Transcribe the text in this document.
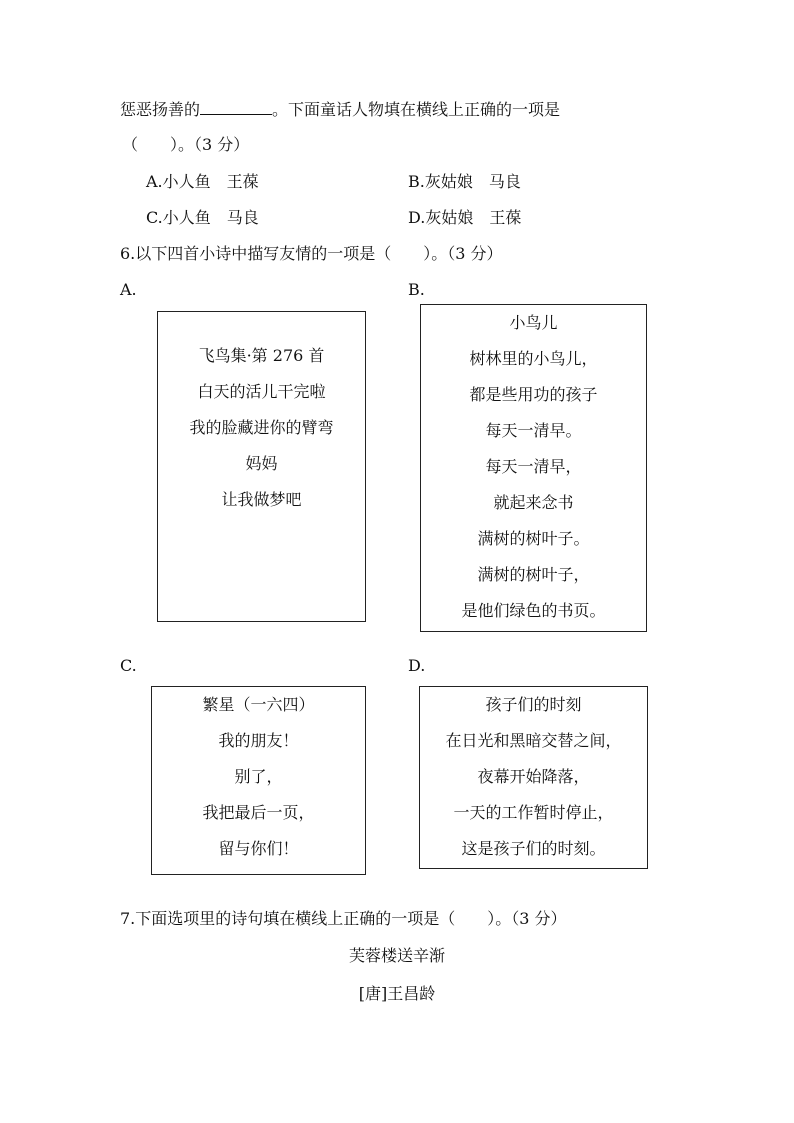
惩恶扬善的	。下面童话人物填在横线上正确的一项是
（　　）。（3 分）
A.小人鱼　王葆	B.灰姑娘　马良
C.小人鱼　马良	D.灰姑娘　王葆
6.以下四首小诗中描写友情的一项是（　　）。（3 分）
A.	B.
飞鸟集·第 276 首
白天的活儿干完啦
我的脸藏进你的臂弯
妈妈
让我做梦吧
小鸟儿
树林里的小鸟儿，
都是些用功的孩子
每天一清早。
每天一清早，
就起来念书
满树的树叶子。
满树的树叶子，
是他们绿色的书页。
C.	D.
繁星（一六四）
我的朋友！
别了，
我把最后一页，
留与你们！
孩子们的时刻
在日光和黑暗交替之间，
夜幕开始降落，
一天的工作暂时停止，
这是孩子们的时刻。
7.下面选项里的诗句填在横线上正确的一项是（　　）。（3 分）
芙蓉楼送辛渐
[唐]王昌龄
